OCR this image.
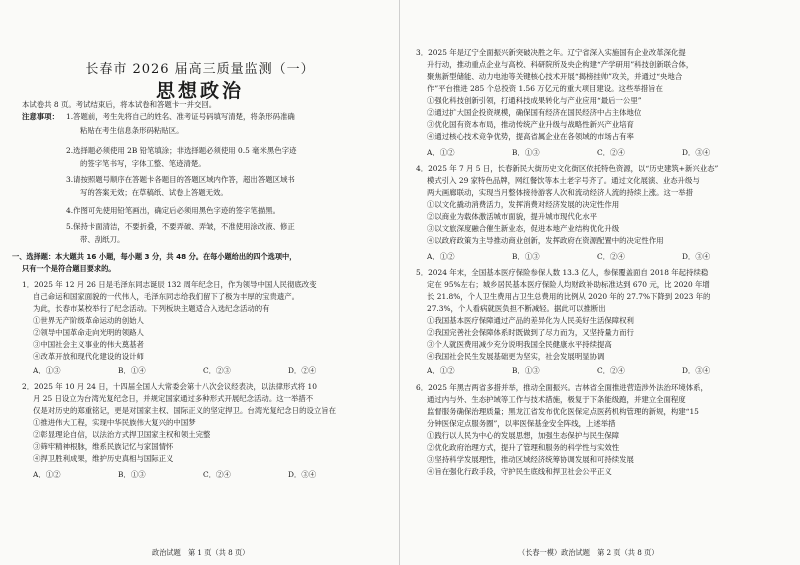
长春市 2026 届高三质量监测（一）
思想政治
本试卷共 8 页。考试结束后，将本试卷和答题卡一并交回。
注意事项： 1.答题前，考生先将自己的姓名、准考证号码填写清楚，将条形码准确
粘贴在考生信息条形码粘贴区。
2.选择题必须使用 2B 铅笔填涂；非选择题必须使用 0.5 毫米黑色字迹
的签字笔书写，字体工整、笔迹清楚。
3.请按照题号顺序在答题卡各题目的答题区域内作答，超出答题区域书
写的答案无效；在草稿纸、试卷上答题无效。
4.作图可先使用铅笔画出，确定后必须用黑色字迹的签字笔描黑。
5.保持卡面清洁，不要折叠，不要弄破、弄皱，不准使用涂改液、修正
带、刮纸刀。
一、选择题：本大题共 16 小题，每小题 3 分，共 48 分。在每小题给出的四个选项中，
只有一个是符合题目要求的。
1．2025 年 12 月 26 日是毛泽东同志诞辰 132 周年纪念日，作为领导中国人民彻底改变
自己命运和国家面貌的一代伟人，毛泽东同志给我们留下了极为丰厚的宝贵遗产。
为此，长春市某校举行了纪念活动。下列板块主题适合入选纪念活动的有
①世界无产阶级革命运动的创始人
②领导中国革命走向光明的领路人
③中国社会主义事业的伟大奠基者
④改革开放和现代化建设的设计师
A．①③	B．①④	C．②③	D．②④
2．2025 年 10 月 24 日，十四届全国人大常委会第十八次会议经表决，以法律形式将 10
月 25 日设立为台湾光复纪念日，并规定国家通过多种形式开展纪念活动。这一举措不
仅是对历史的郑重铭记，更是对国家主权、国际正义的坚定捍卫。台湾光复纪念日的设立旨在
①推进伟大工程，实现中华民族伟大复兴的中国梦
②彰显理论自信，以法治方式捍卫国家主权和领土完整
③筛牢精神根脉，维系民族记忆与家国情怀
④捍卫胜利成果，维护历史真相与国际正义
A．①②	B．①③	C．②④	D．③④
政治试题　第 1 页（共 8 页）
3．2025 年是辽宁全面振兴新突破决胜之年。辽宁省深入实施国有企业改革深化提
升行动，推动重点企业与高校、科研院所及央企构建“产学研用”科技创新联合体，
聚焦新型储能、动力电池等关键核心技术开展“揭榜挂帅”攻关，并通过“央地合
作”平台推进 285 个总投资 1.56 万亿元的重大项目建设。这些举措旨在
①强化科技创新引领，打通科技成果转化与产业应用“最后一公里”
②通过扩大国企投资规模，确保国有经济在国民经济中占主体地位
③优化国有资本布局，推动传统产业升级与战略性新兴产业培育
④通过核心技术竞争优势，提高省属企业在各领域的市场占有率
A．①②	B．①③	C．②④	D．③④
4．2025 年 7 月 5 日，长春新民大街历史文化街区依托特色资源，以“历史建筑+新兴业态”
模式引入 29 家特色品牌，网红餐饮等本土老字号齐了。通过文化展演、业态升级与
两大画廊联动，实现当月整体接待游客人次和流动经济人流的持续上涨。这一举措
①以文化撬动消费活力，发挥消费对经济发展的决定性作用
②以商业为载体激活城市面貌，提升城市现代化水平
③以文旅深度融合催生新业态，促进本地产业结构优化升级
④以政府政策为主导推动商业创新，发挥政府在资源配置中的决定性作用
A．①②	B．①③	C．②④	D．③④
5．2024 年末，全国基本医疗保险参保人数 13.3 亿人，参保覆盖面自 2018 年起持续稳
定在 95%左右；城乡居民基本医疗保险人均财政补助标准达到 670 元，比 2020 年增
长 21.8%，个人卫生费用占卫生总费用的比例从 2020 年的 27.7%下降到 2023 年的
27.3%，个人看病就医负担不断减轻。据此可以推断出
①我国基本医疗保障通过产品的差异化为人民美好生活保障权利
②我国完善社会保障体系时既做到了尽力而为，又坚持量力而行
③个人就医费用减少充分说明我国全民健康水平持续提高
④我国社会民生发展基础更为坚实，社会发展明显协调
A．①②	B．①③	C．②④	D．③④
6．2025 年黑吉两省多措并举，推动全面振兴。吉林省全面推进营造涉外法治环境体系，
通过内与外、生态护域等工作与技术措施，极复于下条能级跑，并建立全面程度
监督服务确保治理质量；黑龙江省发布优化医保定点医药机构管理的新规，构建“15
分钟医保定点服务圈”，以率医保基金安全阵线，上述举措
①践行以人民为中心的发展思想，加强生态保护与民生保障
②优化政府治理方式，提升了管理和服务的科学性与实效性
③坚持科学发展理性，推动区域经济统筹协调发展和可持续发展
④旨在强化行政手段，守护民生底线和捍卫社会公平正义
（长春一模）政治试题　第 2 页（共 8 页）
